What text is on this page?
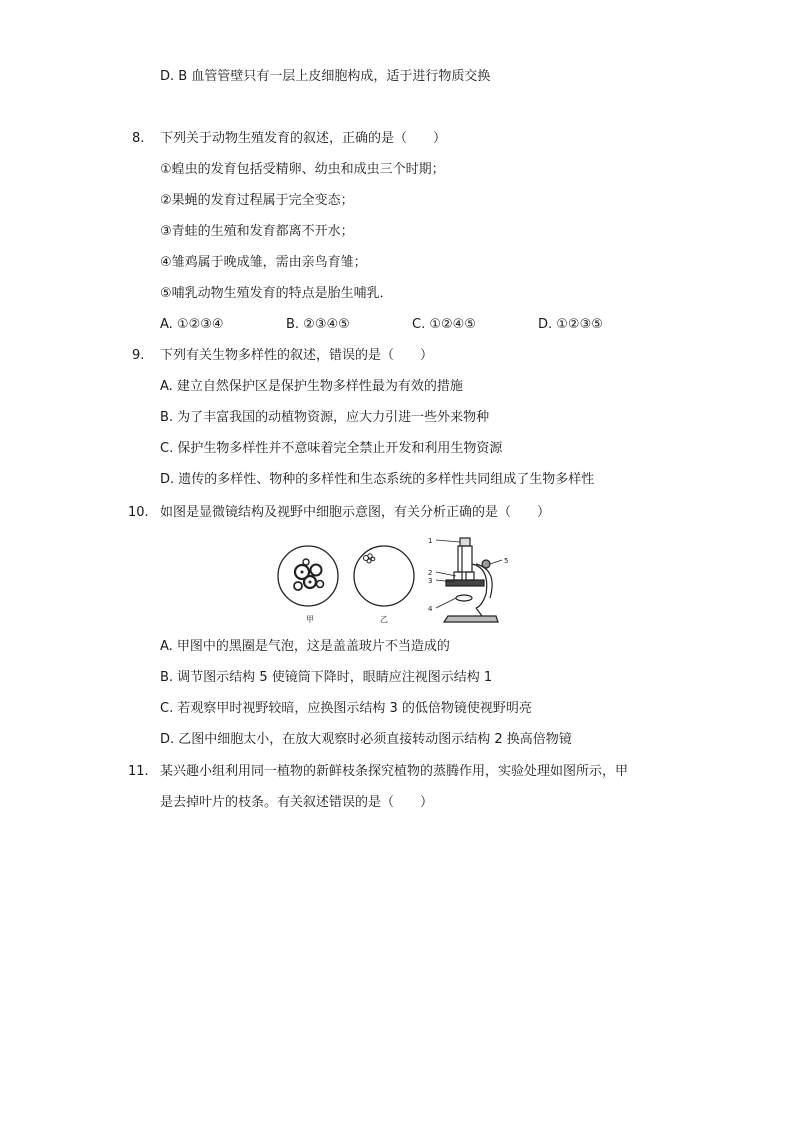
D. B 血管管壁只有一层上皮细胞构成，适于进行物质交换
8. 下列关于动物生殖发育的叙述，正确的是（　　）
①蝗虫的发育包括受精卵、幼虫和成虫三个时期；
②果蝇的发育过程属于完全变态；
③青蛙的生殖和发育都离不开水；
④雏鸡属于晚成雏，需由亲鸟育雏；
⑤哺乳动物生殖发育的特点是胎生哺乳．
A. ①②③④	B. ②③④⑤	C. ①②④⑤	D. ①②③⑤
9. 下列有关生物多样性的叙述，错误的是（　　）
A. 建立自然保护区是保护生物多样性最为有效的措施
B. 为了丰富我国的动植物资源，应大力引进一些外来物种
C. 保护生物多样性并不意味着完全禁止开发和利用生物资源
D. 遗传的多样性、物种的多样性和生态系统的多样性共同组成了生物多样性
10. 如图是显微镜结构及视野中细胞示意图，有关分析正确的是（　　）
甲	乙
1
5
2
3
4
A. 甲图中的黑圈是气泡，这是盖盖玻片不当造成的
B. 调节图示结构 5 使镜筒下降时，眼睛应注视图示结构 1
C. 若观察甲时视野较暗，应换图示结构 3 的低倍物镜使视野明亮
D. 乙图中细胞太小，在放大观察时必须直接转动图示结构 2 换高倍物镜
11. 某兴趣小组利用同一植物的新鲜枝条探究植物的蒸腾作用，实验处理如图所示，甲
是去掉叶片的枝条。有关叙述错误的是（　　）
